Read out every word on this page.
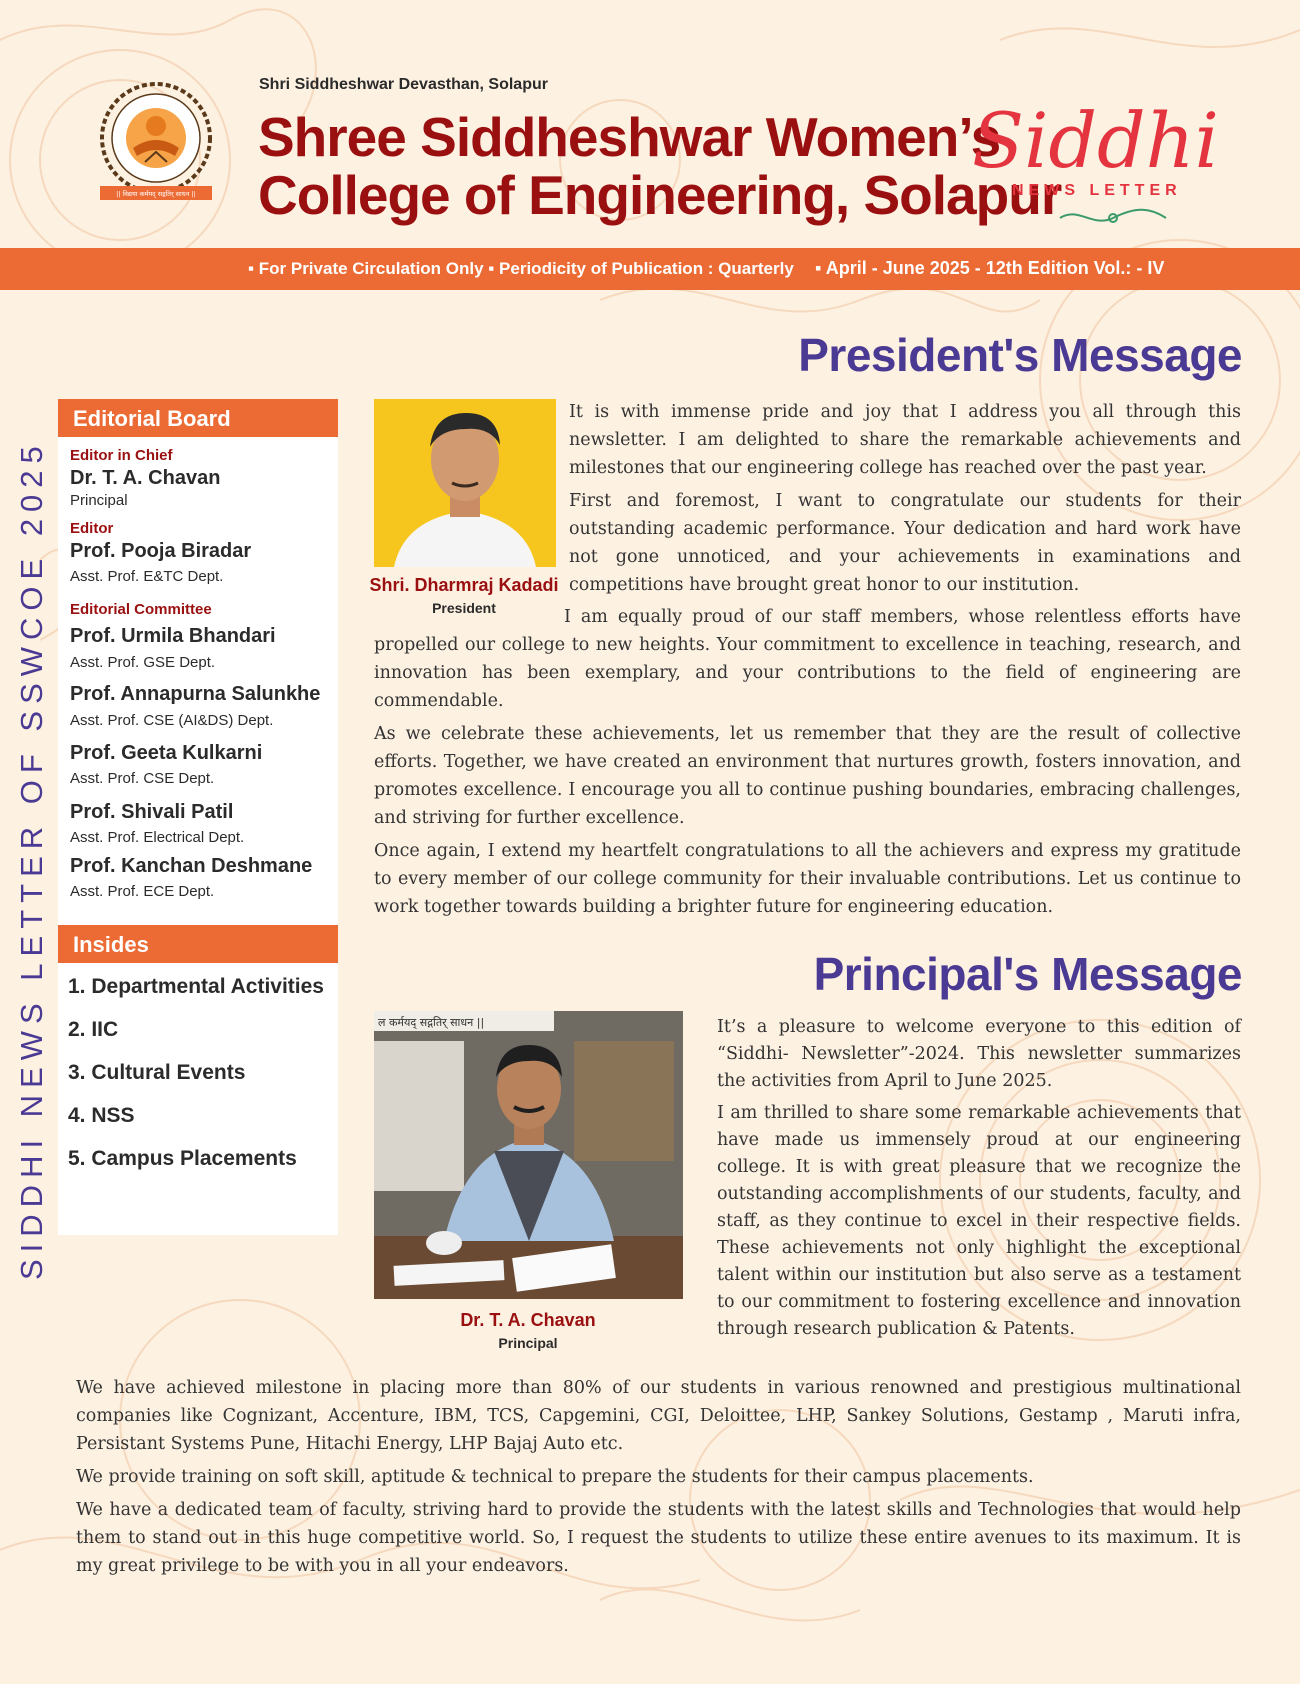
|| विद्यया कर्मयद् सद्गतिर् साधन ||
Shri Siddheshwar Devasthan, Solapur
Shree Siddheshwar Women’s
College of Engineering, Solapur
Siddhi
NEWS LETTER
▪ For Private Circulation Only ▪ Periodicity of Publication : Quarterly ▪ April - June 2025 - 12th Edition Vol.: - IV
SIDDHI NEWS LETTER OF SSWCOE 2025
Editorial Board
Editor in Chief
Dr. T. A. Chavan
Principal
Editor
Prof. Pooja Biradar
Asst. Prof. E&TC Dept.
Editorial Committee
Prof. Urmila Bhandari
Asst. Prof. GSE Dept.
Prof. Annapurna Salunkhe
Asst. Prof. CSE (AI&DS) Dept.
Prof. Geeta Kulkarni
Asst. Prof. CSE Dept.
Prof. Shivali Patil
Asst. Prof. Electrical Dept.
Prof. Kanchan Deshmane
Asst. Prof. ECE Dept.
Insides
1. Departmental Activities
2. IIC
3. Cultural Events
4. NSS
5. Campus Placements
President's Message
Shri. Dharmraj Kadadi
President

It is with immense pride and joy that I address you all through this newsletter. I am delighted to share the remarkable achievements and milestones that our engineering college has reached over the past year.

First and foremost, I want to congratulate our students for their outstanding academic performance. Your dedication and hard work have not gone unnoticed, and your achievements in examinations and competitions have brought great honor to our institution.

I am equally proud of our staff members, whose relentless efforts have propelled our college to new heights. Your commitment to excellence in teaching, research, and innovation has been exemplary, and your contributions to the field of engineering are commendable.

As we celebrate these achievements, let us remember that they are the result of collective efforts. Together, we have created an environment that nurtures growth, fosters innovation, and promotes excellence. I encourage you all to continue pushing boundaries, embracing challenges, and striving for further excellence.

Once again, I extend my heartfelt congratulations to all the achievers and express my gratitude to every member of our college community for their invaluable contributions. Let us continue to work together towards building a brighter future for engineering education.

Principal's Message
ल कर्मयद् सद्गतिर् साधन ||
Dr. T. A. Chavan
Principal

It’s a pleasure to welcome everyone to this edition of “Siddhi- Newsletter”-2024. This newsletter summarizes the activities from April to June 2025.

I am thrilled to share some remarkable achievements that have made us immensely proud at our engineering college. It is with great pleasure that we recognize the outstanding accomplishments of our students, faculty, and staff, as they continue to excel in their respective fields. These achievements not only highlight the exceptional talent within our institution but also serve as a testament to our commitment to fostering excellence and innovation through research publication & Patents.

We have achieved milestone in placing more than 80% of our students in various renowned and prestigious multinational companies like Cognizant, Accenture, IBM, TCS, Capgemini, CGI, Deloittee, LHP, Sankey Solutions, Gestamp , Maruti infra, Persistant Systems Pune, Hitachi Energy, LHP Bajaj Auto etc.

We provide training on soft skill, aptitude & technical to prepare the students for their campus placements.

We have a dedicated team of faculty, striving hard to provide the students with the latest skills and Technologies that would help them to stand out in this huge competitive world. So, I request the students to utilize these entire avenues to its maximum. It is my great privilege to be with you in all your endeavors.
